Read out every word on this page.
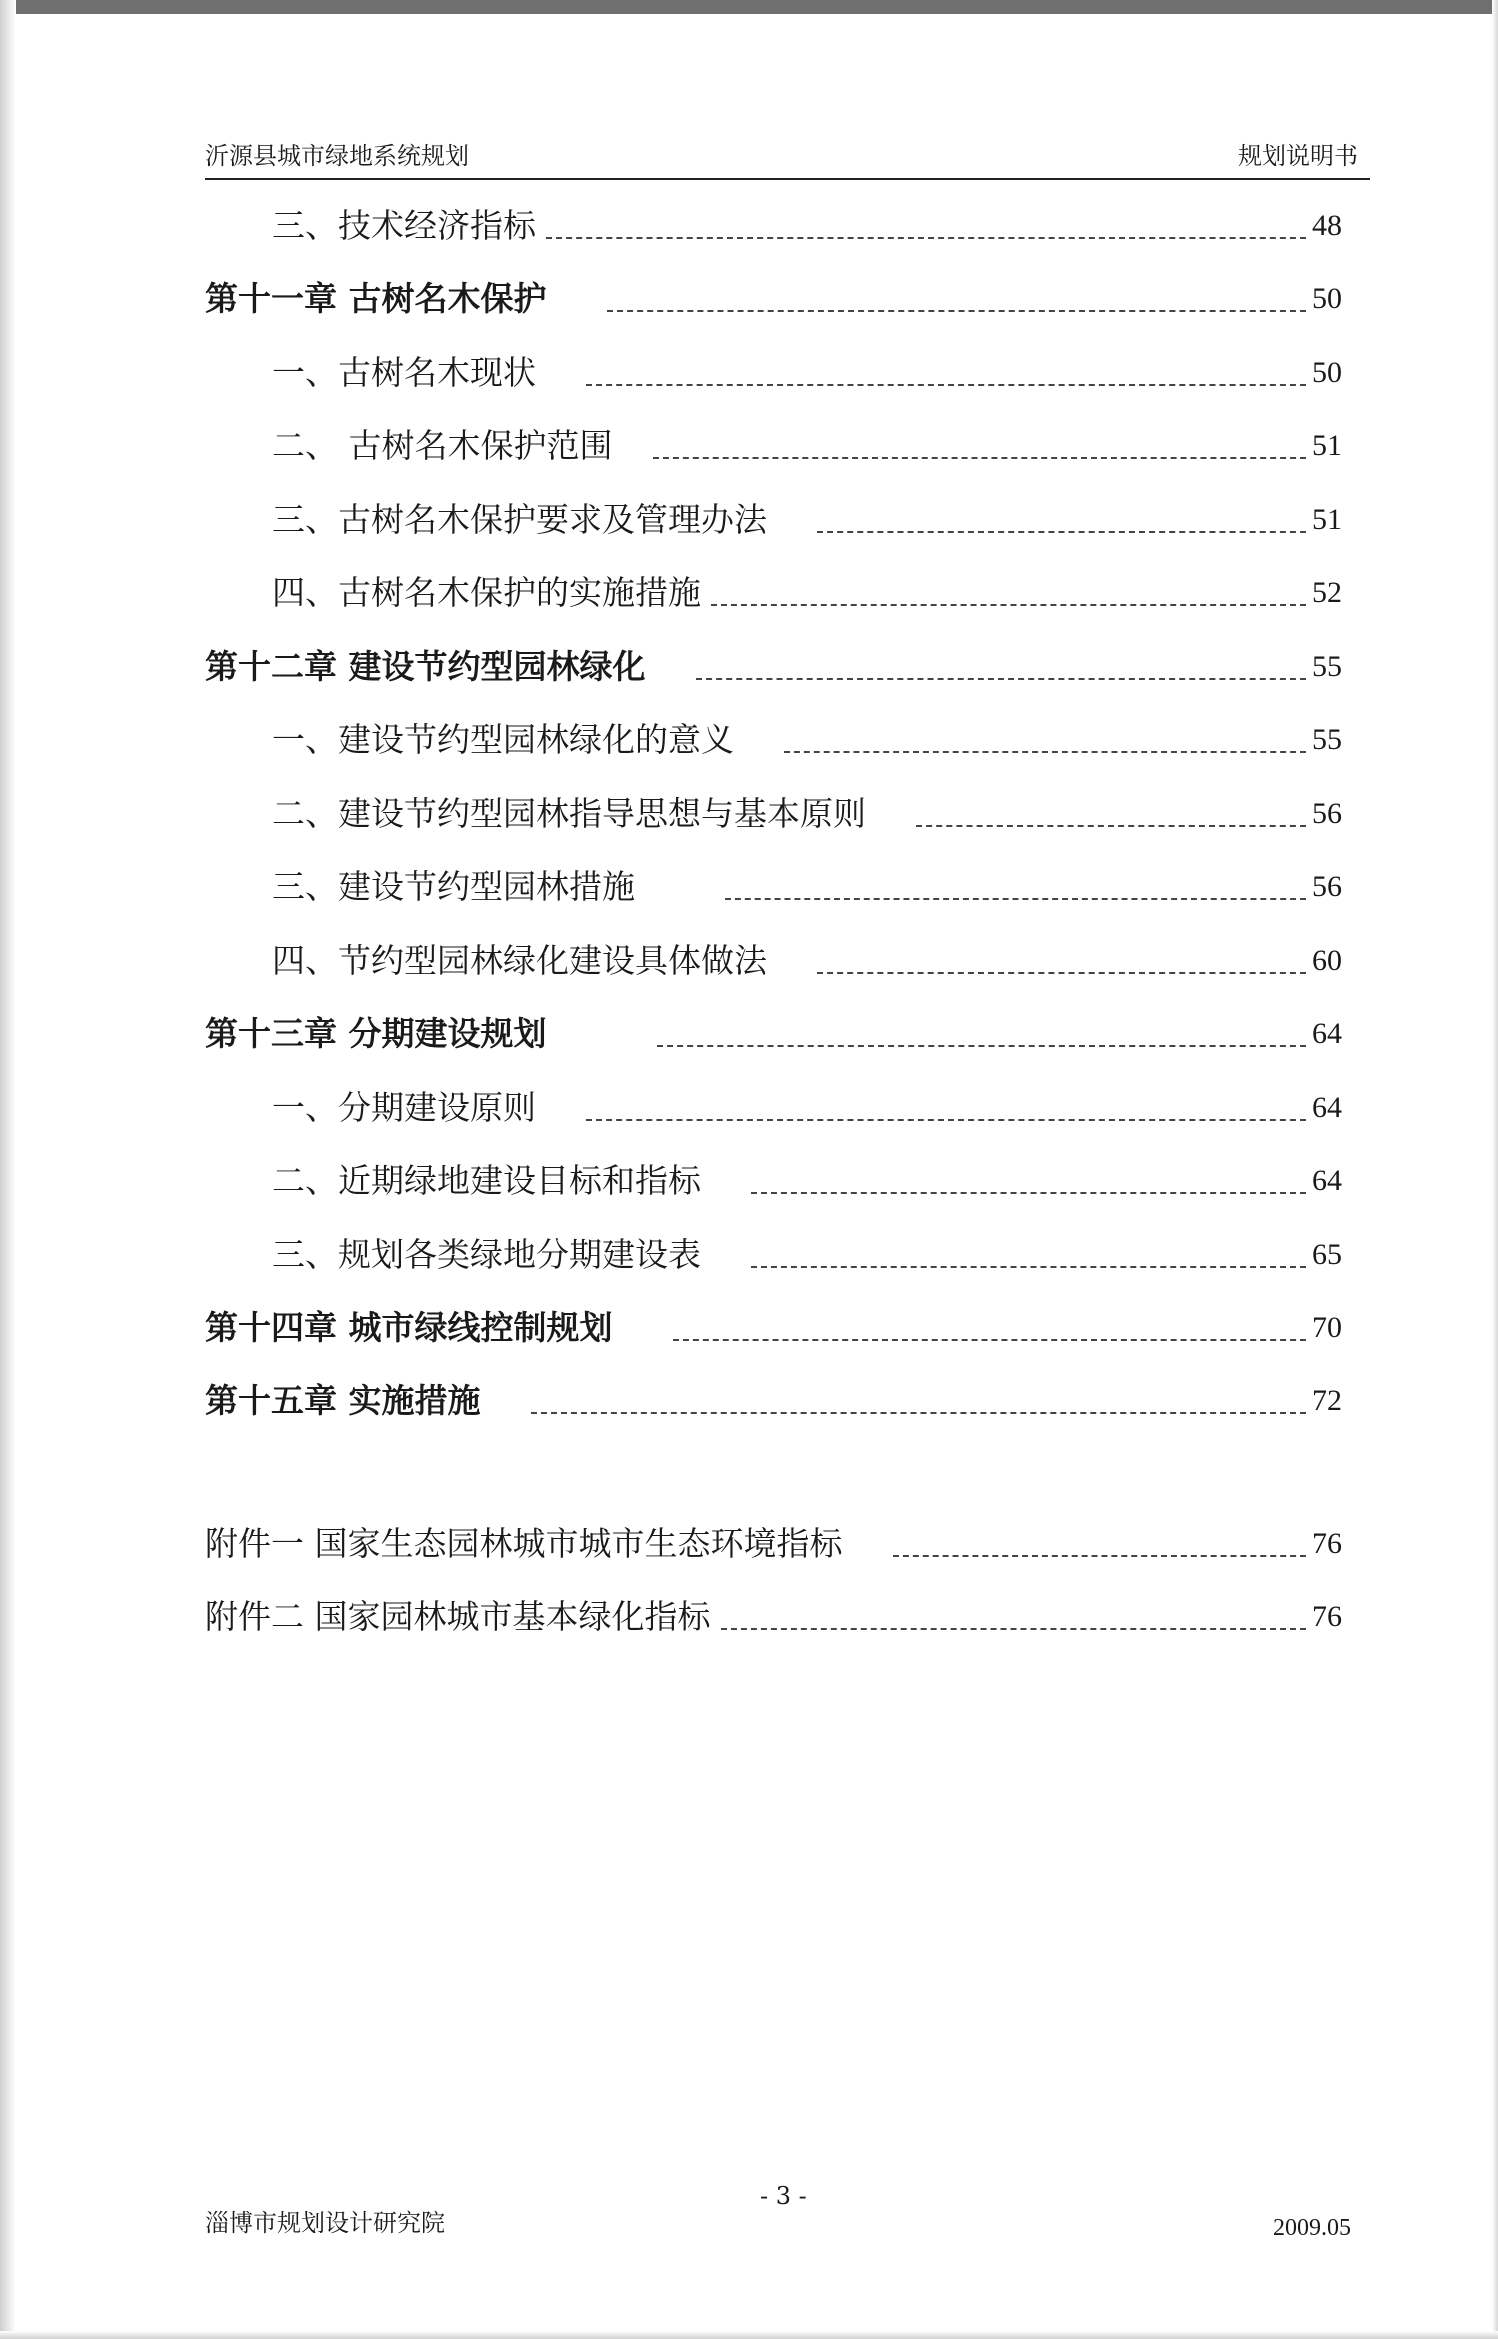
沂源县城市绿地系统规划	规划说明书
三、技术经济指标	48
第十一章 古树名木保护	50
一、古树名木现状	50
二、 古树名木保护范围	51
三、古树名木保护要求及管理办法	51
四、古树名木保护的实施措施	52
第十二章 建设节约型园林绿化	55
一、建设节约型园林绿化的意义	55
二、建设节约型园林指导思想与基本原则	56
三、建设节约型园林措施	56
四、节约型园林绿化建设具体做法	60
第十三章 分期建设规划	64
一、分期建设原则	64
二、近期绿地建设目标和指标	64
三、规划各类绿地分期建设表	65
第十四章 城市绿线控制规划	70
第十五章 实施措施	72
附件一 国家生态园林城市城市生态环境指标	76
附件二 国家园林城市基本绿化指标	76
- 3 -
淄博市规划设计研究院	2009.05
